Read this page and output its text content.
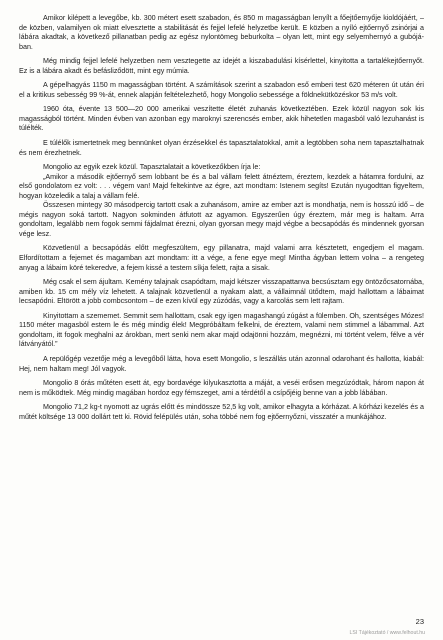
Amikor kilépett a levegőbe, kb. 300 métert esett szabadon, és 850 m magasságban lenyílt a főejtőernyője kioldójáért, – de közben, valamilyen ok miatt elvesztette a stabilitását és fejjel lefelé helyzetbe került. E közben a nyíló ejtőernyő zsinórjai a lábára akadtak, a következő pillanatban pedig az egész nylontömeg beburkolta – olyan lett, mint egy selyemhernyó a gubójában.

Még mindig fejjel lefelé helyzetben nem vesztegette az idejét a kiszabadulási kísérlettel, kinyitotta a tartalékejtőernyőt. Ez is a lábára akadt és befásliződött, mint egy múmia.

A gépelhagyás 1150 m magasságban történt. A számítások szerint a szabadon eső emberi test 620 méteren út után éri el a kritikus sebesség 99 %-át, ennek alapján feltételezhető, hogy Mongolio sebessége a földnekütközéskor 53 m/s volt.

1960 óta, évente 13 500—20 000 amerikai veszítette életét zuhanás következtében. Ezek közül nagyon sok kis magasságból történt. Minden évben van azonban egy maroknyi szerencsés ember, akik hihetetlen magasból való lezuhanást is túlélték.

E túlélők ismertetnek meg bennünket olyan érzésekkel és tapasztalatokkal, amit a legtöbben soha nem tapasztalhatnak és nem érezhetnek.

Mongolio az egyik ezek közül. Tapasztalatait a következőkben írja le:

„Amikor a második ejtőernyő sem lobbant be és a bal vállam felett átnéztem, éreztem, kezdek a hátamra fordulni, az első gondolatom ez volt: . . . végem van! Majd feltekintve az égre, azt mondtam: Istenem segíts! Ezután nyugodttan figyeltem, hogyan közeledik a talaj a vállam felé.

Összesen mintegy 30 másodpercig tartott csak a zuhanásom, amire az ember azt is mondhatja, nem is hosszú idő – de mégis nagyon soká tartott. Nagyon sokminden átfutott az agyamon. Egyszerűen úgy éreztem, már meg is haltam. Arra gondoltam, legalább nem fogok semmi fájdalmat érezni, olyan gyorsan megy majd végbe a becsapódás és mindennek gyorsan vége lesz.

Közvetlenül a becsapódás előtt megfeszültem, egy pillanatra, majd valami arra késztetett, engedjem el magam. Elfordítottam a fejemet és magamban azt mondtam: itt a vége, a fene egye meg! Mintha ágyban lettem volna – a rengeteg anyag a lábaim köré tekeredve, a fejem kissé a testem síkja felett, rajta a sisak.

Még csak el sem ájultam. Kemény talajnak csapódtam, majd kétszer visszapattanva becsúsztam egy öntözőcsatornába, amiben kb. 15 cm mély víz lehetett. A talajnak közvetlenül a nyakam alatt, a vállaimnál ütődtem, majd hallottam a lábaimat lecsapódni. Eltörött a jobb combcsontom – de ezen kívül egy zúzódás, vagy a karcolás sem lett rajtam.

Kinyitottam a szememet. Semmit sem hallottam, csak egy igen magashangú zúgást a fülemben. Oh, szentséges Mózes! 1150 méter magasból estem le és még mindig élek! Megpróbáltam felkelni, de éreztem, valami nem stimmel a lábammal. Azt gondoltam, itt fogok meghalni az árokban, mert senki nem akar majd odajönni hozzám, megnézni, mi történt velem, félve a vér látványától.”

A repülőgép vezetője még a levegőből látta, hova esett Mongolio, s leszállás után azonnal odarohant és hallotta, kiabál: Hej, nem haltam meg! Jól vagyok.

Mongolio 8 órás műtéten esett át, egy bordavége kilyukasztotta a máját, a veséi erősen megzúzódtak, három napon át nem is működtek. Még mindig magában hordoz egy fémszeget, ami a térdétől a csípőjéig benne van a jobb lábában.

Mongolio 71,2 kg-t nyomott az ugrás előtt és mindössze 52,5 kg volt, amikor elhagyta a kórházat. A kórházi kezelés és a műtét költsége 13 000 dollárt tett ki. Rövid felépülés után, soha többé nem fog ejtőernyőzni, visszatér a munkájához.

23
LSI Tájékoztató / www.felhout.hu
